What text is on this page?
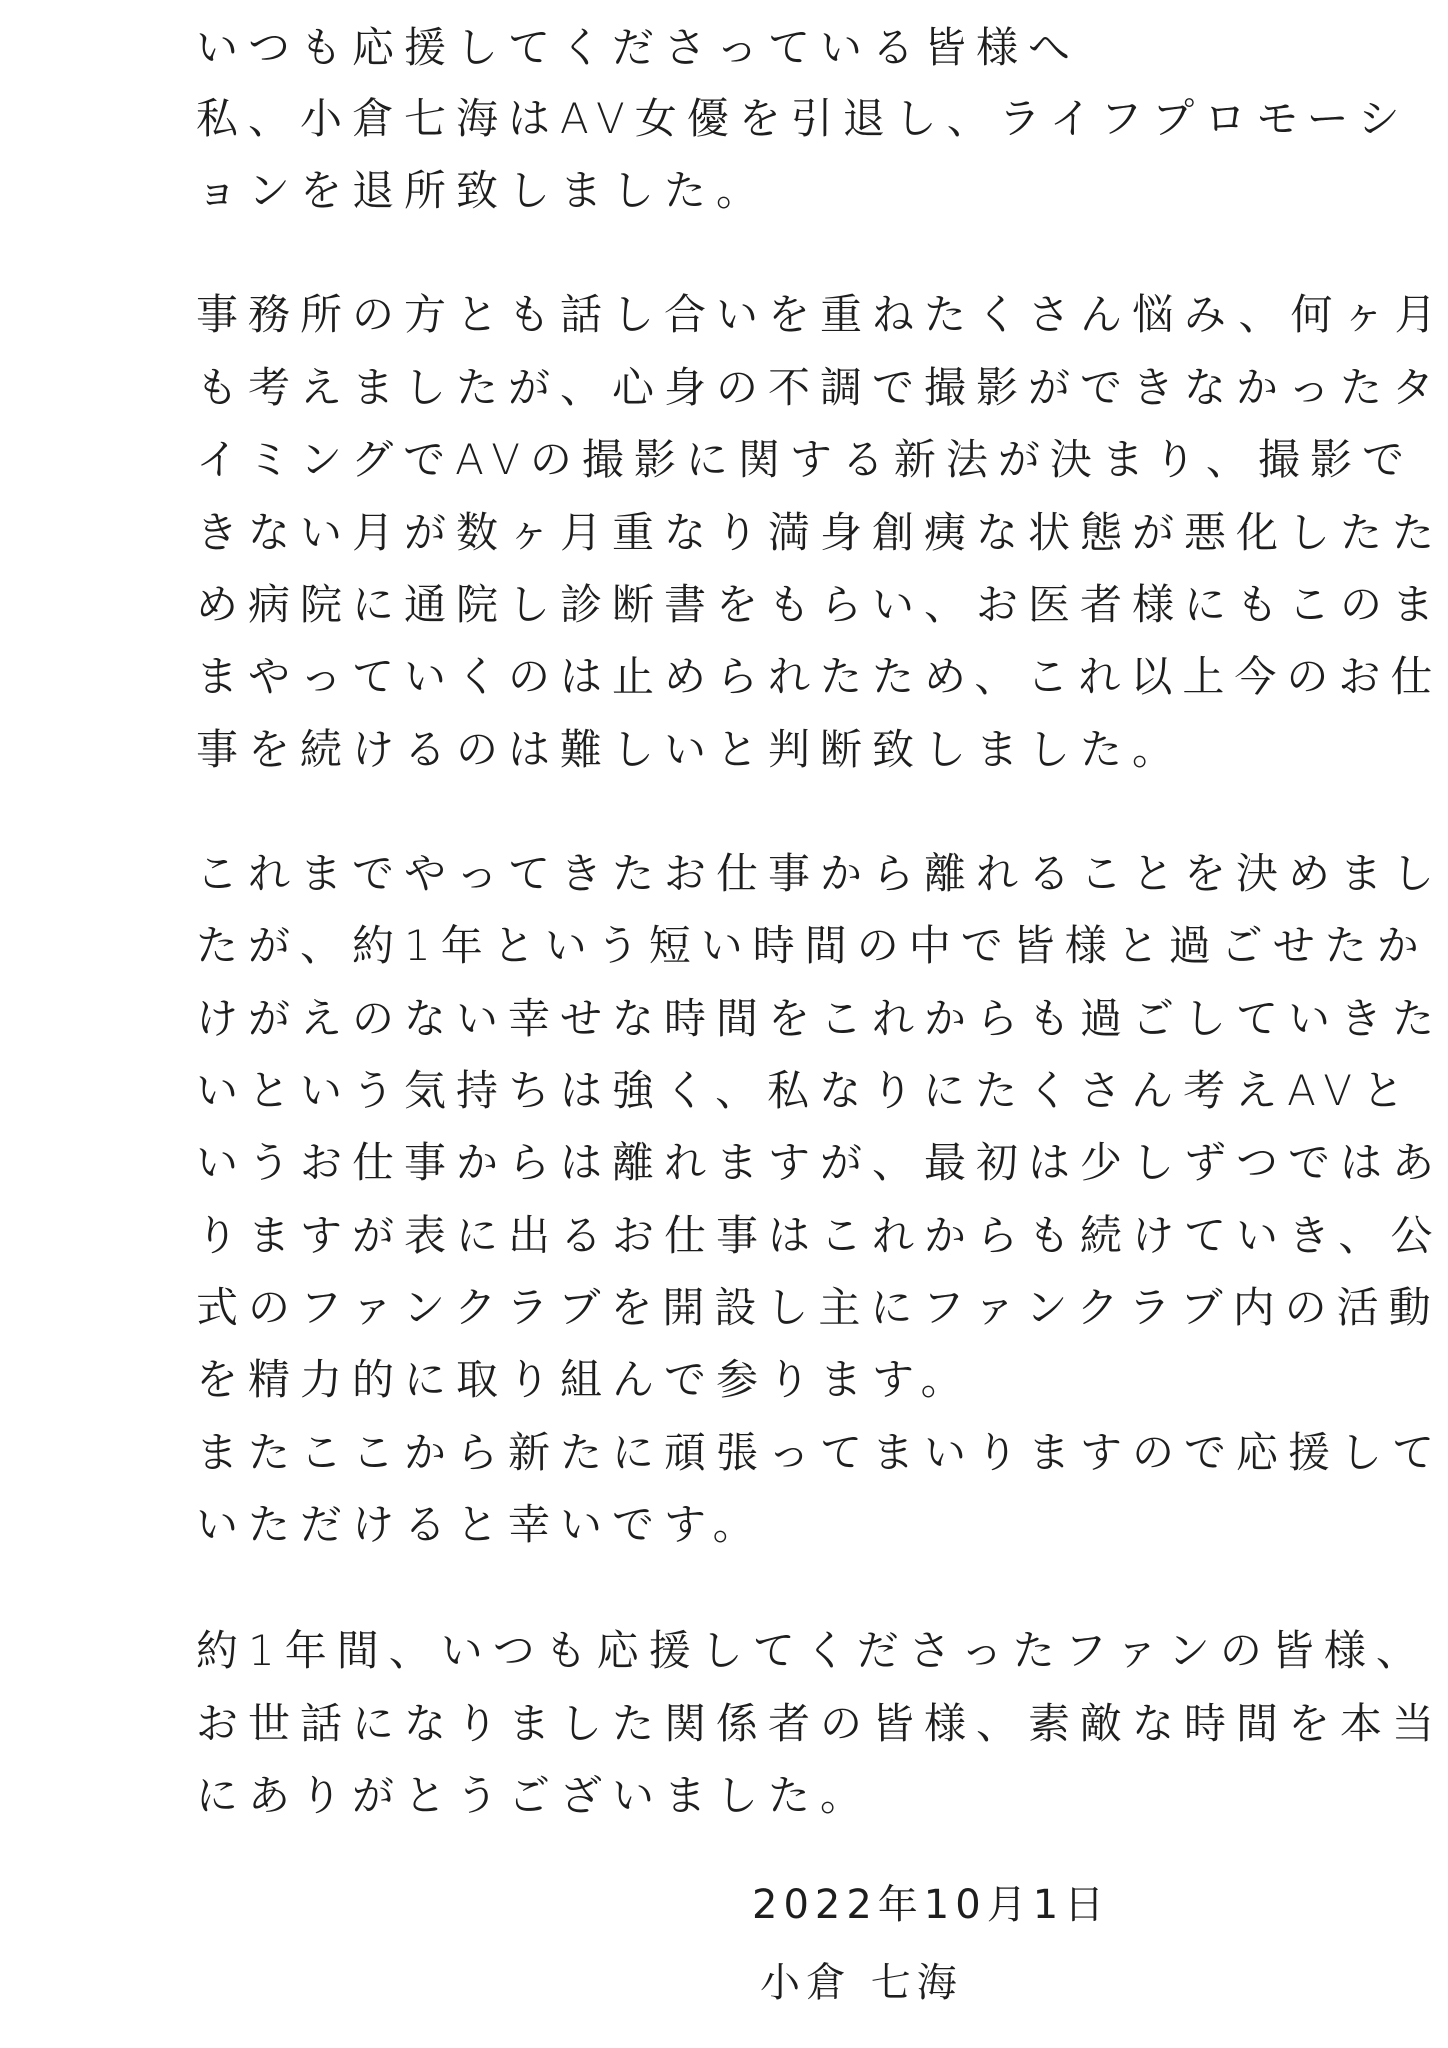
いつも応援してくださっている皆様へ
私、小倉七海はAV女優を引退し、ライフプロモーシ
ョンを退所致しました。
事務所の方とも話し合いを重ねたくさん悩み、何ヶ月
も考えましたが、心身の不調で撮影ができなかったタ
イミングでAVの撮影に関する新法が決まり、撮影で
きない月が数ヶ月重なり満身創痍な状態が悪化したた
め病院に通院し診断書をもらい、お医者様にもこのま
まやっていくのは止められたため、これ以上今のお仕
事を続けるのは難しいと判断致しました。
これまでやってきたお仕事から離れることを決めまし
たが、約1年という短い時間の中で皆様と過ごせたか
けがえのない幸せな時間をこれからも過ごしていきた
いという気持ちは強く、私なりにたくさん考えAVと
いうお仕事からは離れますが、最初は少しずつではあ
りますが表に出るお仕事はこれからも続けていき、公
式のファンクラブを開設し主にファンクラブ内の活動
を精力的に取り組んで参ります。
またここから新たに頑張ってまいりますので応援して
いただけると幸いです。
約1年間、いつも応援してくださったファンの皆様、
お世話になりました関係者の皆様、素敵な時間を本当
にありがとうございました。
2022年10月1日
小倉 七海
